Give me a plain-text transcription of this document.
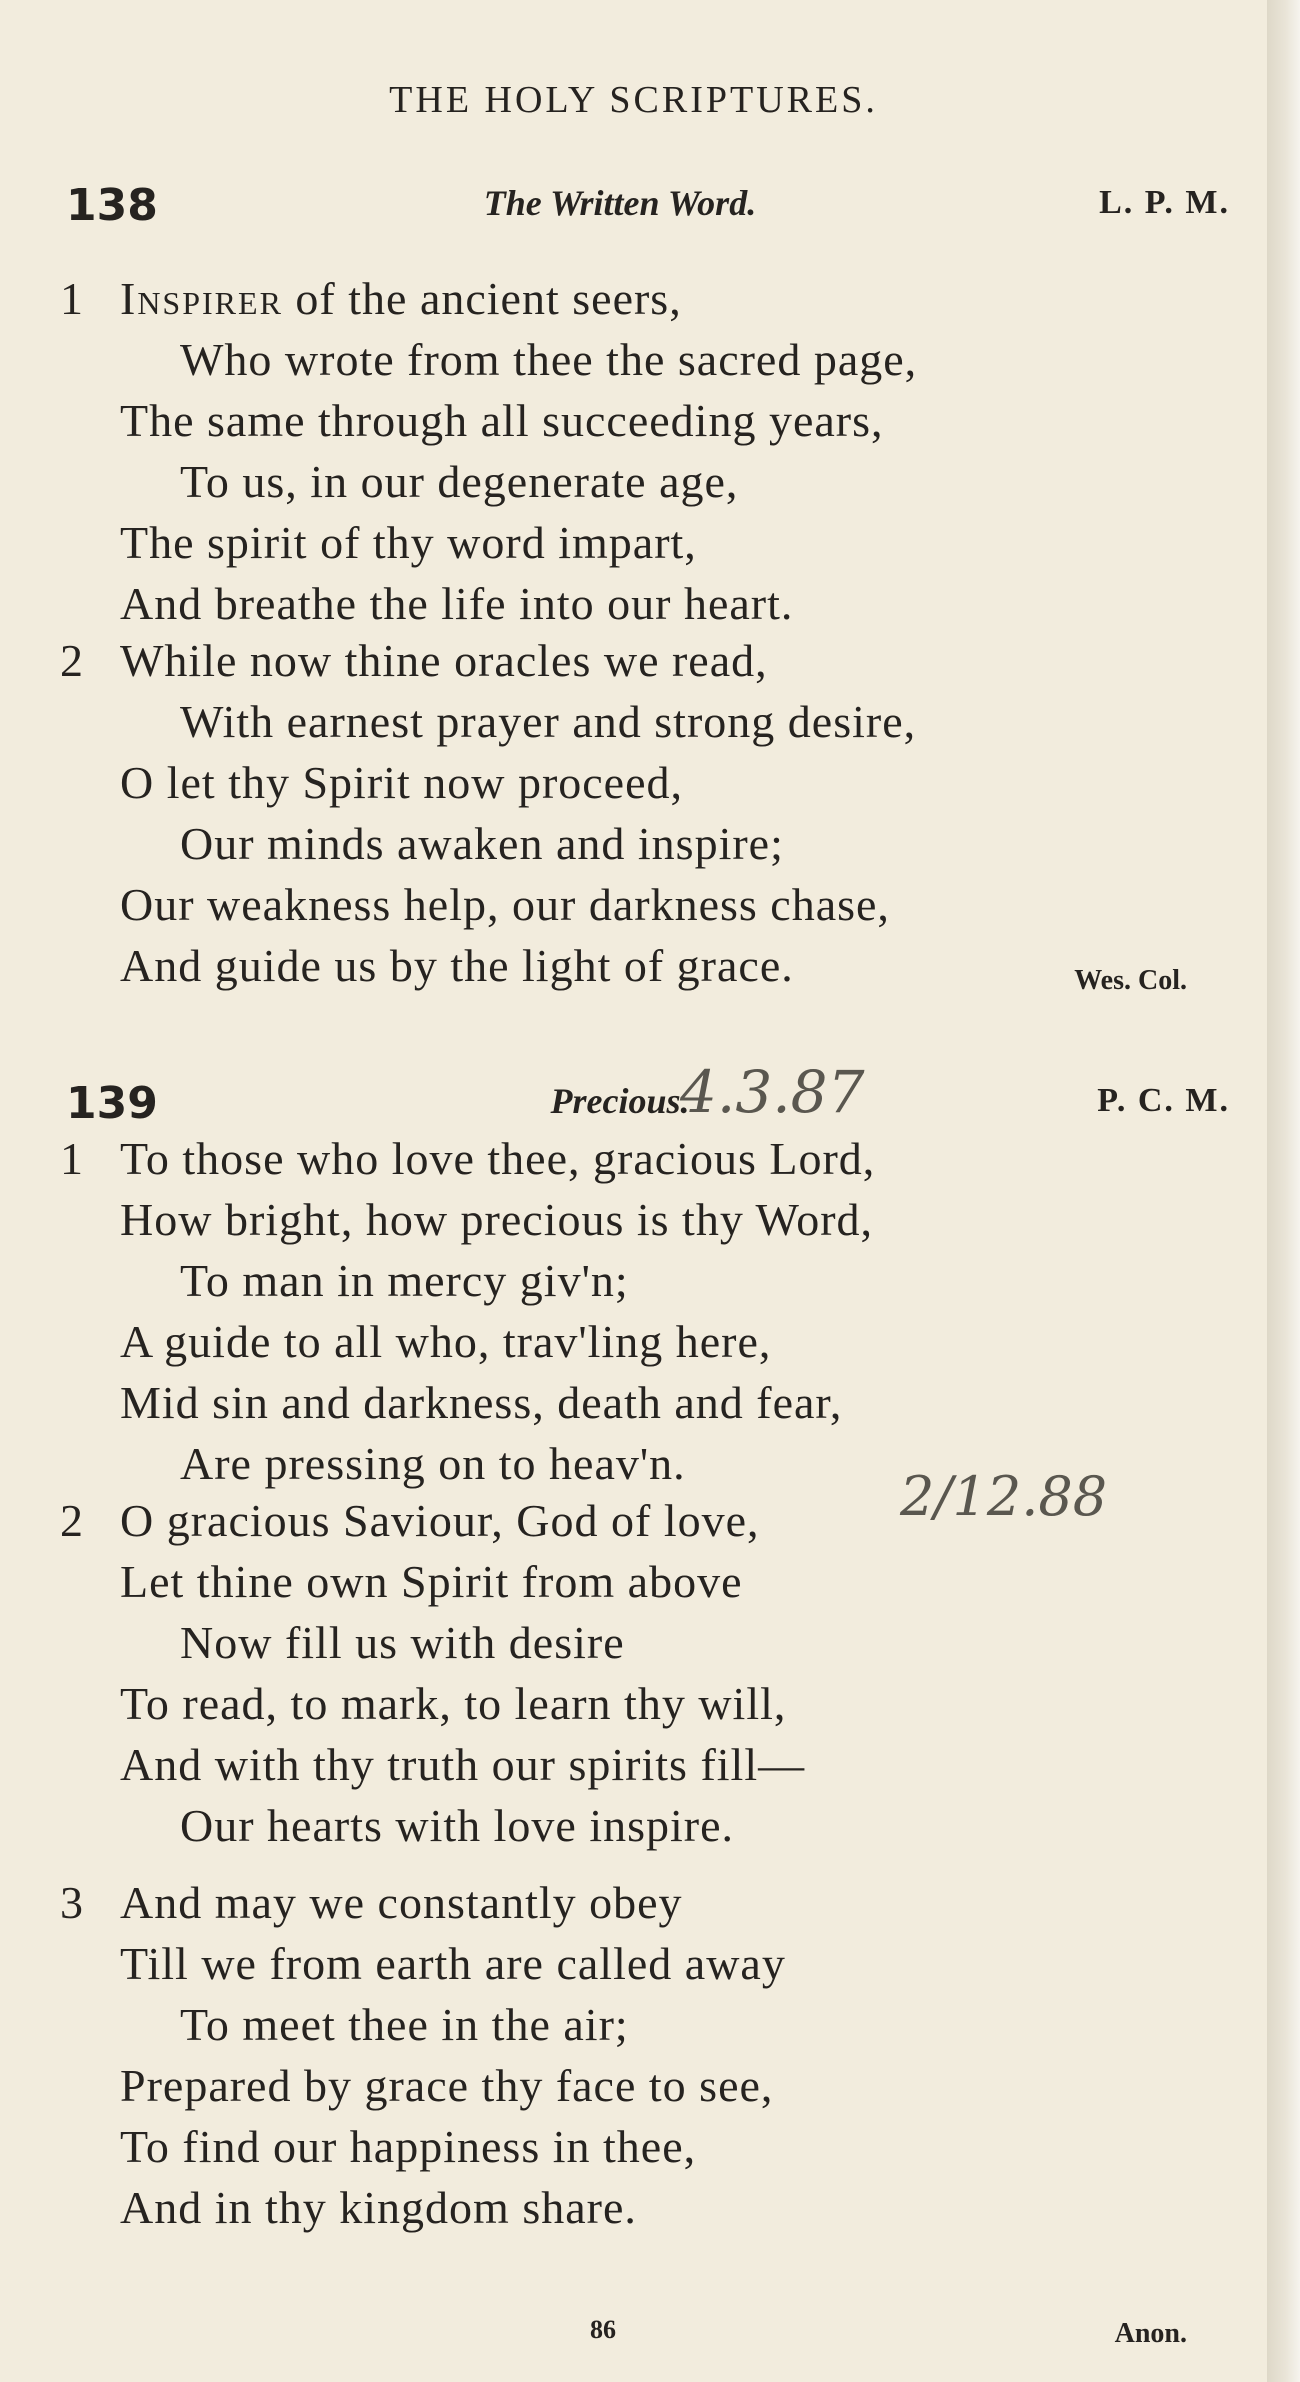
THE HOLY SCRIPTURES.
138	The Written Word.	L. P. M.
1 Inspirer of the ancient seers,
Who wrote from thee the sacred page,
The same through all succeeding years,
To us, in our degenerate age,
The spirit of thy word impart,
And breathe the life into our heart.
2 While now thine oracles we read,
With earnest prayer and strong desire,
O let thy Spirit now proceed,
Our minds awaken and inspire;
Our weakness help, our darkness chase,
And guide us by the light of grace.	Wes. Col.
139	Precious.	P. C. M.
4.3.87
1 To those who love thee, gracious Lord,
How bright, how precious is thy Word,
To man in mercy giv'n;
A guide to all who, trav'ling here,
Mid sin and darkness, death and fear,
Are pressing on to heav'n.
2/12.88
2 O gracious Saviour, God of love,
Let thine own Spirit from above
Now fill us with desire
To read, to mark, to learn thy will,
And with thy truth our spirits fill—
Our hearts with love inspire.
3 And may we constantly obey
Till we from earth are called away
To meet thee in the air;
Prepared by grace thy face to see,
To find our happiness in thee,
And in thy kingdom share.
86	Anon.
